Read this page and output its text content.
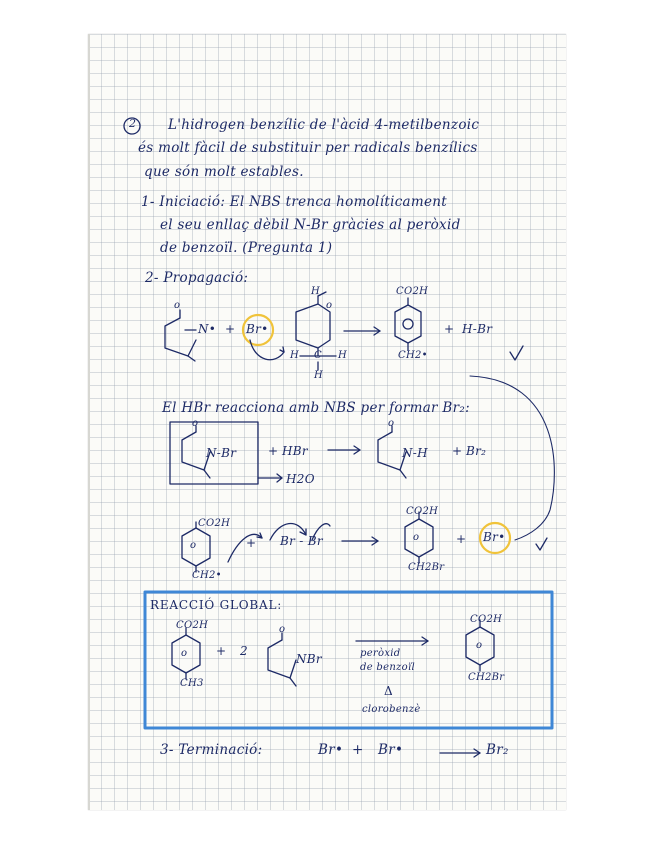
2 L'hidrogen benzílic de l'àcid 4-metilbenzoic
és molt fàcil de substituir per radicals benzílics
que són molt estables.
1- Iniciació: El NBS trenca homolíticament
el seu enllaç dèbil N-Br gràcies al peròxid
de benzoïl. (Pregunta 1)
2- Propagació:
o
N• + Br•
H
o
H C H
H
CO2H
CH2•
+ H-Br
El HBr reacciona amb NBS per formar Br₂:
o
N-Br	+ HBr
H2O
o
N-H + Br₂
CO2H
o
CH2•
+ Br - Br
CO2H
o
CH2Br
+ Br•
REACCIÓ GLOBAL:
CO2H
o
CH3
+ 2
o
NBr	peròxid
de benzoïl
Δ
clorobenzè
CO2H
o
CH2Br
3- Terminació:	Br• + Br•	Br₂
